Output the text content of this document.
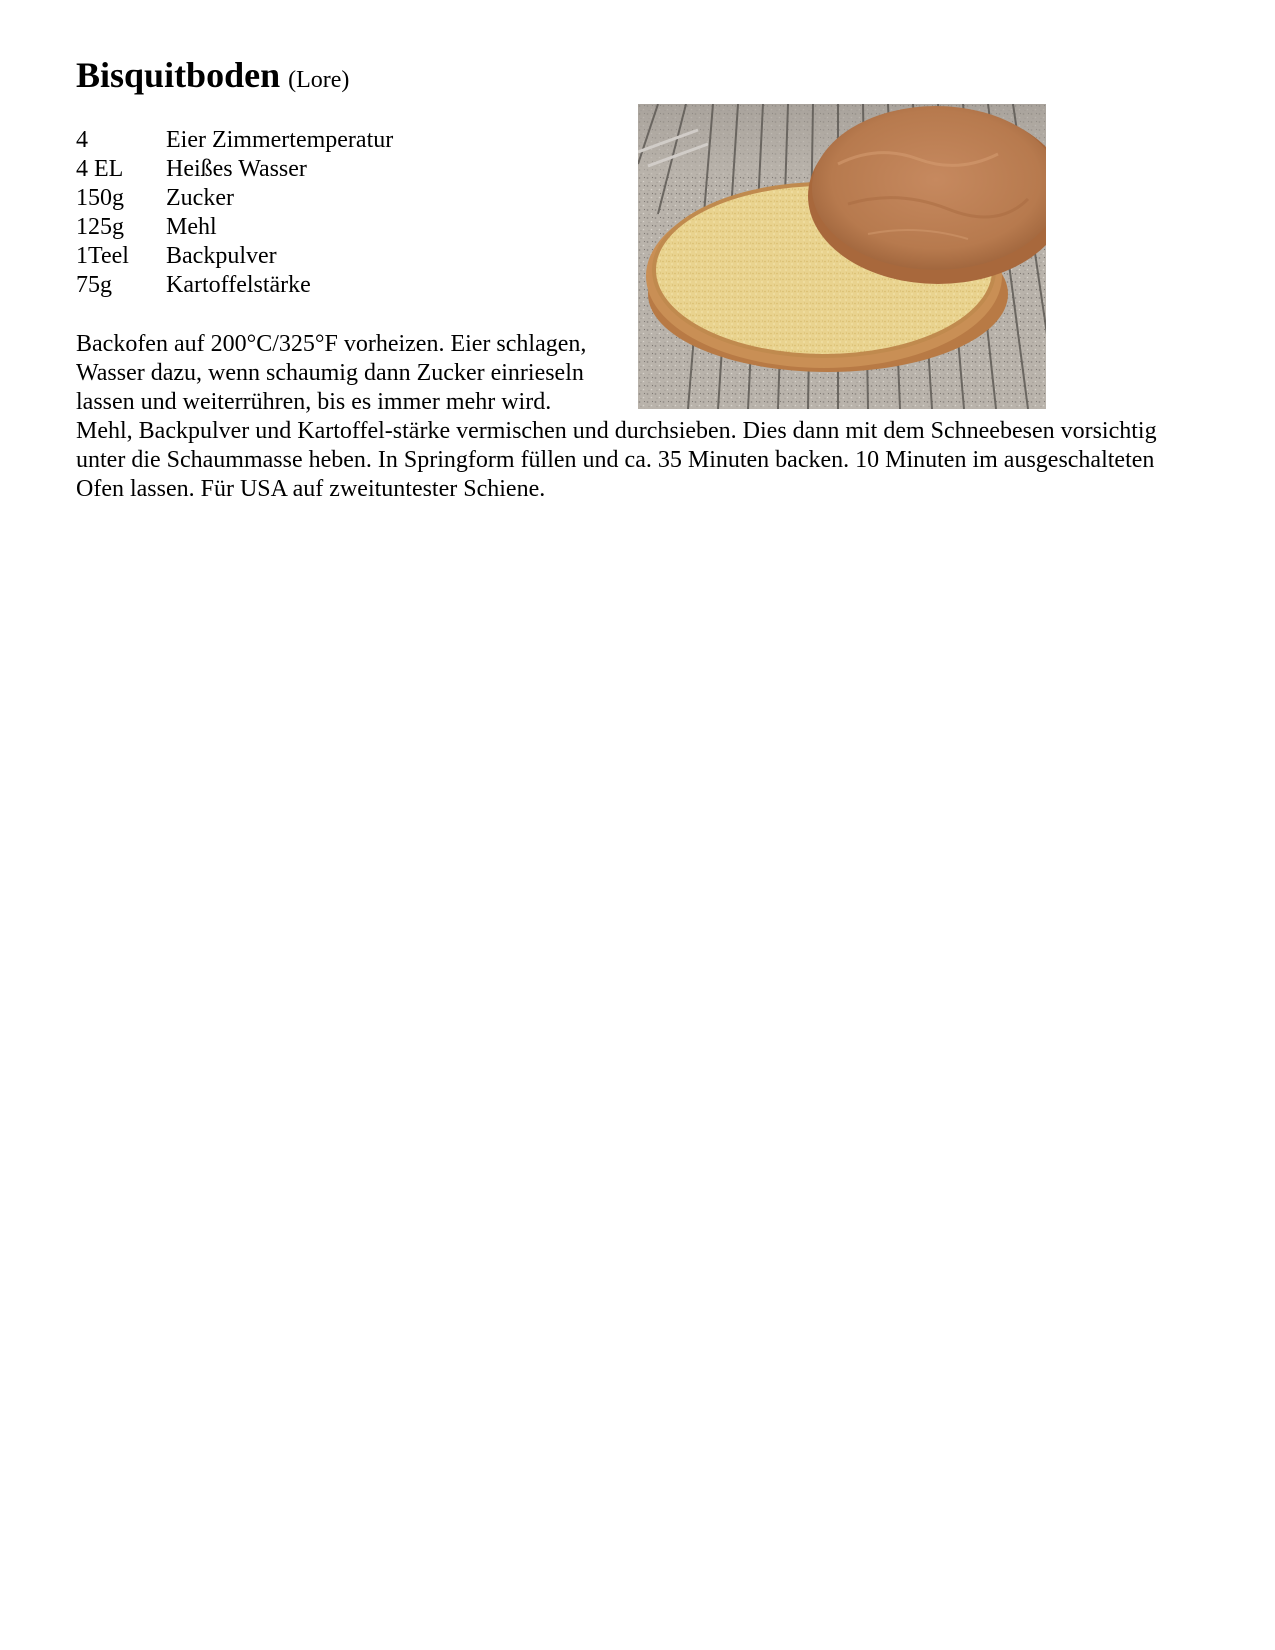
Bisquitboden (Lore)
4	Eier Zimmertemperatur
4 EL	Heißes Wasser
150g	Zucker
125g	Mehl
1Teel	Backpulver
75g	Kartoffelstärke

Backofen auf 200°C/325°F vorheizen. Eier schlagen, Wasser dazu, wenn schaumig dann Zucker einrieseln lassen und weiterrühren, bis es immer mehr wird.
Mehl, Backpulver und Kartoffel-stärke vermischen und durchsieben. Dies dann mit dem Schneebesen vorsichtig unter die Schaummasse heben. In Springform füllen und ca. 35 Minuten backen. 10 Minuten im ausgeschalteten Ofen lassen. Für USA auf zweituntester Schiene.
